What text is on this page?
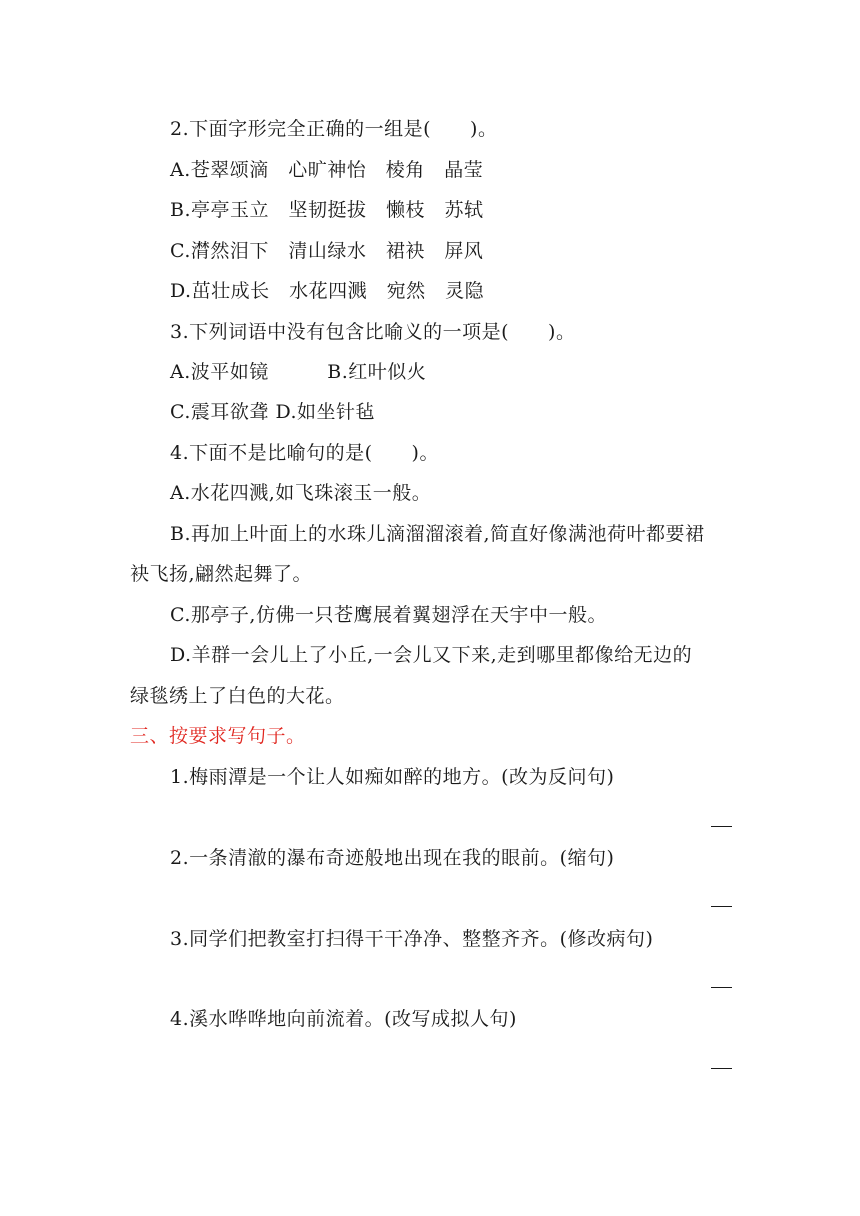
2.下面字形完全正确的一组是(　　)。
A.苍翠颂滴　心旷神怡　棱角　晶莹
B.亭亭玉立　坚韧挺拔　懒枝　苏轼
C.潸然泪下　清山绿水　裙袂　屏风
D.茁壮成长　水花四溅　宛然　灵隐
3.下列词语中没有包含比喻义的一项是(　　)。
A.波平如镜　　　B.红叶似火
C.震耳欲聋 D.如坐针毡
4.下面不是比喻句的是(　　)。
A.水花四溅,如飞珠滚玉一般。
B.再加上叶面上的水珠儿滴溜溜滚着,简直好像满池荷叶都要裙
袂飞扬,翩然起舞了。
C.那亭子,仿佛一只苍鹰展着翼翅浮在天宇中一般。
D.羊群一会儿上了小丘,一会儿又下来,走到哪里都像给无边的
绿毯绣上了白色的大花。
三、按要求写句子。
1.梅雨潭是一个让人如痴如醉的地方。(改为反问句)
2.一条清澈的瀑布奇迹般地出现在我的眼前。(缩句)
3.同学们把教室打扫得干干净净、整整齐齐。(修改病句)
4.溪水哗哗地向前流着。(改写成拟人句)
